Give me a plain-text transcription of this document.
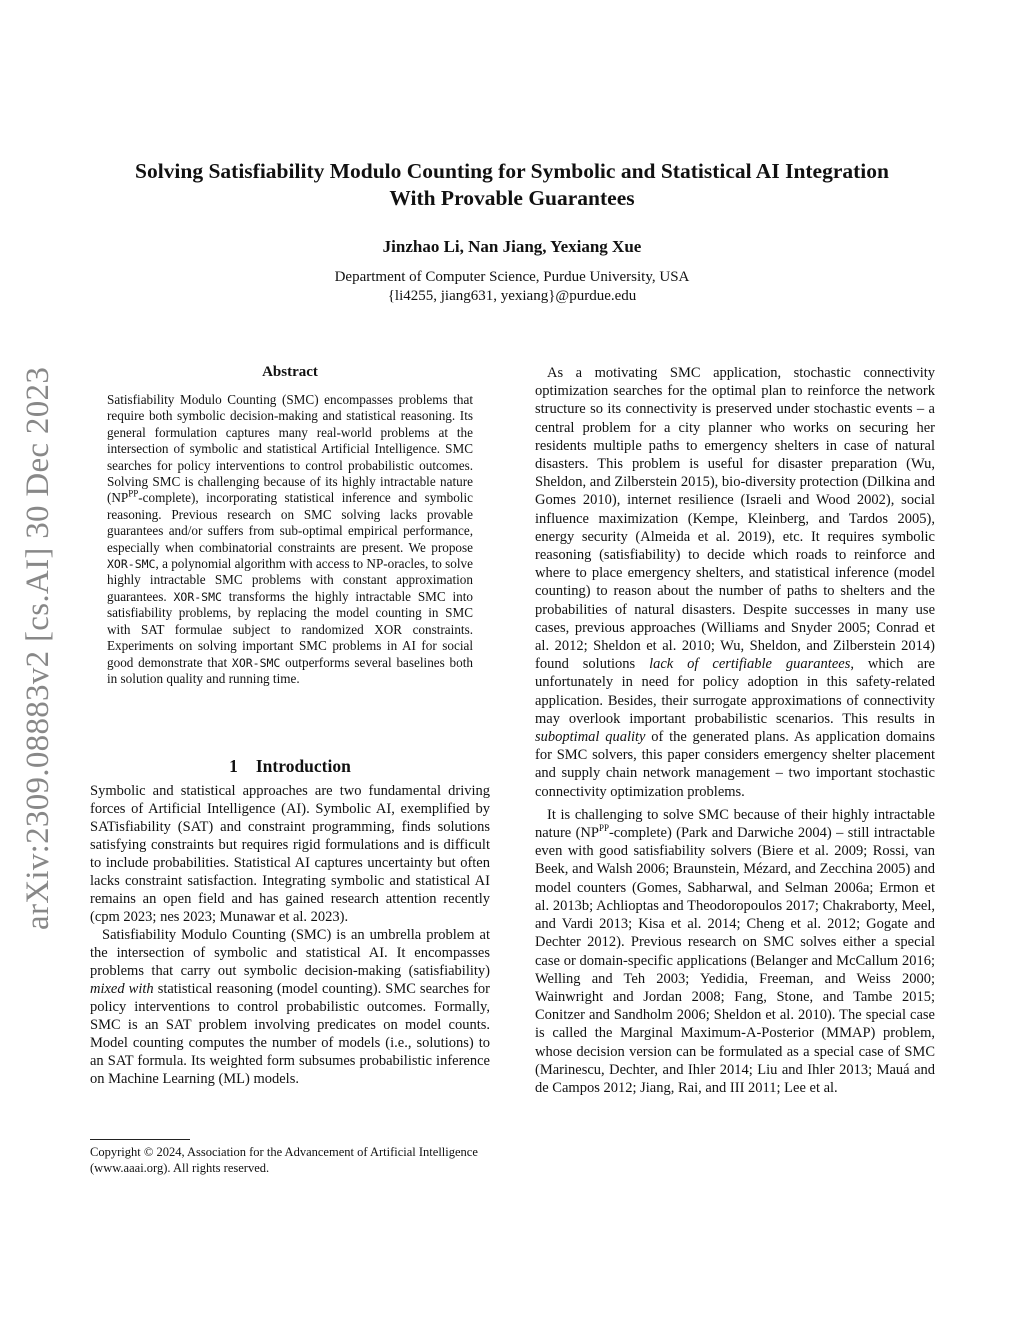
Solving Satisfiability Modulo Counting for Symbolic and Statistical AI Integration
With Provable Guarantees
Jinzhao Li, Nan Jiang, Yexiang Xue
Department of Computer Science, Purdue University, USA
{li4255, jiang631, yexiang}@purdue.edu
arXiv:2309.08883v2 [cs.AI] 30 Dec 2023	Abstract
Satisfiability Modulo Counting (SMC) encompasses problems that require both symbolic decision-making and statistical reasoning. Its general formulation captures many real-world problems at the intersection of symbolic and statistical Artificial Intelligence. SMC searches for policy interventions to control probabilistic outcomes. Solving SMC is challenging because of its highly intractable nature $(NP^{PP}-complete)$, incorporating statistical inference and symbolic reasoning. Previous research on SMC solving lacks provable guarantees and/or suffers from sub-optimal empirical performance, especially when combinatorial constraints are present. We propose XOR-SMC, a polynomial algorithm with access to NP-oracles, to solve highly intractable SMC problems with constant approximation guarantees. XOR-SMC transforms the highly intractable SMC into satisfiability problems, by replacing the model counting in SMC with SAT formulae subject to randomized XOR constraints. Experiments on solving important SMC problems in AI for social good demonstrate that XOR-SMC outperforms several baselines both in solution quality and running time.
1 Introduction

Symbolic and statistical approaches are two fundamental driving forces of Artificial Intelligence (AI). Symbolic AI, exemplified by SATisfiability (SAT) and constraint programming, finds solutions satisfying constraints but requires rigid formulations and is difficult to include probabilities. Statistical AI captures uncertainty but often lacks constraint satisfaction. Integrating symbolic and statistical AI remains an open field and has gained research attention recently (cpm 2023; nes 2023; Munawar et al. 2023).

Satisfiability Modulo Counting (SMC) is an umbrella problem at the intersection of symbolic and statistical AI. It encompasses problems that carry out symbolic decision-making (satisfiability) mixed with statistical reasoning (model counting). SMC searches for policy interventions to control probabilistic outcomes. Formally, SMC is an SAT problem involving predicates on model counts. Model counting computes the number of models (i.e., solutions) to an SAT formula. Its weighted form subsumes probabilistic inference on Machine Learning (ML) models.

Copyright © 2024, Association for the Advancement of Artificial Intelligence (www.aaai.org). All rights reserved.

As a motivating SMC application, stochastic connectivity optimization searches for the optimal plan to reinforce the network structure so its connectivity is preserved under stochastic events – a central problem for a city planner who works on securing her residents multiple paths to emergency shelters in case of natural disasters. This problem is useful for disaster preparation (Wu, Sheldon, and Zilberstein 2015), bio-diversity protection (Dilkina and Gomes 2010), internet resilience (Israeli and Wood 2002), social influence maximization (Kempe, Kleinberg, and Tardos 2005), energy security (Almeida et al. 2019), etc. It requires symbolic reasoning (satisfiability) to decide which roads to reinforce and where to place emergency shelters, and statistical inference (model counting) to reason about the number of paths to shelters and the probabilities of natural disasters. Despite successes in many use cases, previous approaches (Williams and Snyder 2005; Conrad et al. 2012; Sheldon et al. 2010; Wu, Sheldon, and Zilberstein 2014) found solutions lack of certifiable guarantees, which are unfortunately in need for policy adoption in this safety-related application. Besides, their surrogate approximations of connectivity may overlook important probabilistic scenarios. This results in suboptimal quality of the generated plans. As application domains for SMC solvers, this paper considers emergency shelter placement and supply chain network management – two important stochastic connectivity optimization problems.

It is challenging to solve SMC because of their highly intractable nature $(NP^{PP}-complete)$ (Park and Darwiche 2004) – still intractable even with good satisfiability solvers (Biere et al. 2009; Rossi, van Beek, and Walsh 2006; Braunstein, Mézard, and Zecchina 2005) and model counters (Gomes, Sabharwal, and Selman 2006a; Ermon et al. 2013b; Achlioptas and Theodoropoulos 2017; Chakraborty, Meel, and Vardi 2013; Kisa et al. 2014; Cheng et al. 2012; Gogate and Dechter 2012). Previous research on SMC solves either a special case or domain-specific applications (Belanger and McCallum 2016; Welling and Teh 2003; Yedidia, Freeman, and Weiss 2000; Wainwright and Jordan 2008; Fang, Stone, and Tambe 2015; Conitzer and Sandholm 2006; Sheldon et al. 2010). The special case is called the Marginal Maximum-A-Posterior (MMAP) problem, whose decision version can be formulated as a special case of SMC (Marinescu, Dechter, and Ihler 2014; Liu and Ihler 2013; Mauá and de Campos 2012; Jiang, Rai, and III 2011; Lee et al.
